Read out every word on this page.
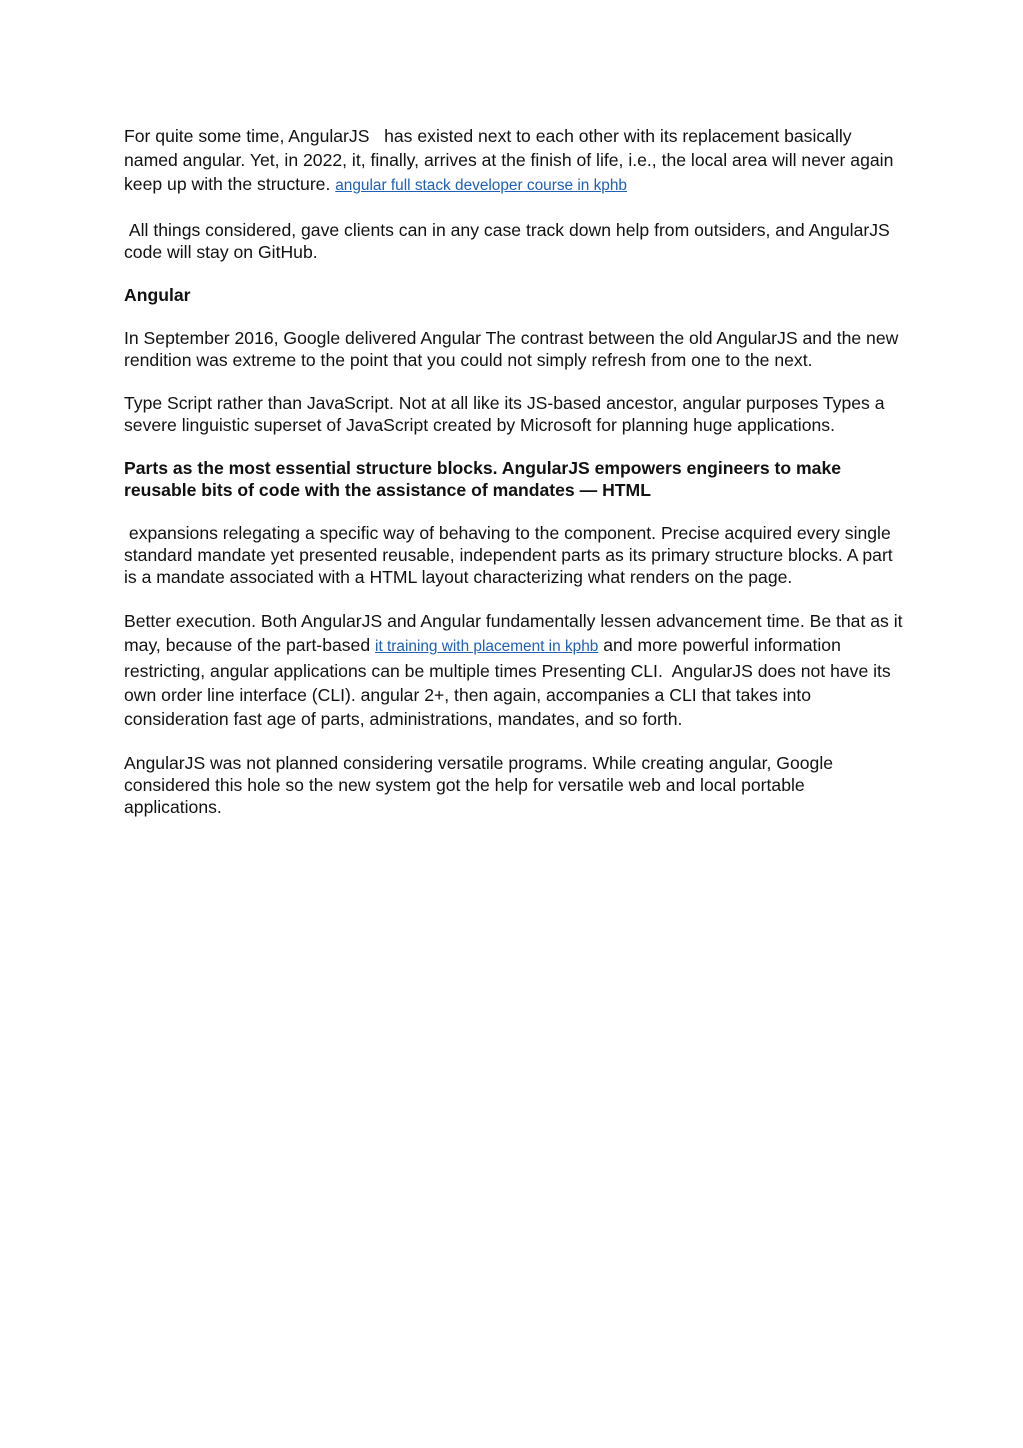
For quite some time, AngularJS   has existed next to each other with its replacement basically named angular. Yet, in 2022, it, finally, arrives at the finish of life, i.e., the local area will never again keep up with the structure. angular full stack developer course in kphb

All things considered, gave clients can in any case track down help from outsiders, and AngularJS code will stay on GitHub.

Angular

In September 2016, Google delivered Angular The contrast between the old AngularJS and the new rendition was extreme to the point that you could not simply refresh from one to the next.

Type Script rather than JavaScript. Not at all like its JS-based ancestor, angular purposes Types a severe linguistic superset of JavaScript created by Microsoft for planning huge applications.

Parts as the most essential structure blocks. AngularJS empowers engineers to make reusable bits of code with the assistance of mandates — HTML

expansions relegating a specific way of behaving to the component. Precise acquired every single standard mandate yet presented reusable, independent parts as its primary structure blocks. A part is a mandate associated with a HTML layout characterizing what renders on the page.

Better execution. Both AngularJS and Angular fundamentally lessen advancement time. Be that as it may, because of the part-based it training with placement in kphb and more powerful information restricting, angular applications can be multiple times Presenting CLI.  AngularJS does not have its own order line interface (CLI). angular 2+, then again, accompanies a CLI that takes into consideration fast age of parts, administrations, mandates, and so forth.

AngularJS was not planned considering versatile programs. While creating angular, Google considered this hole so the new system got the help for versatile web and local portable applications.
